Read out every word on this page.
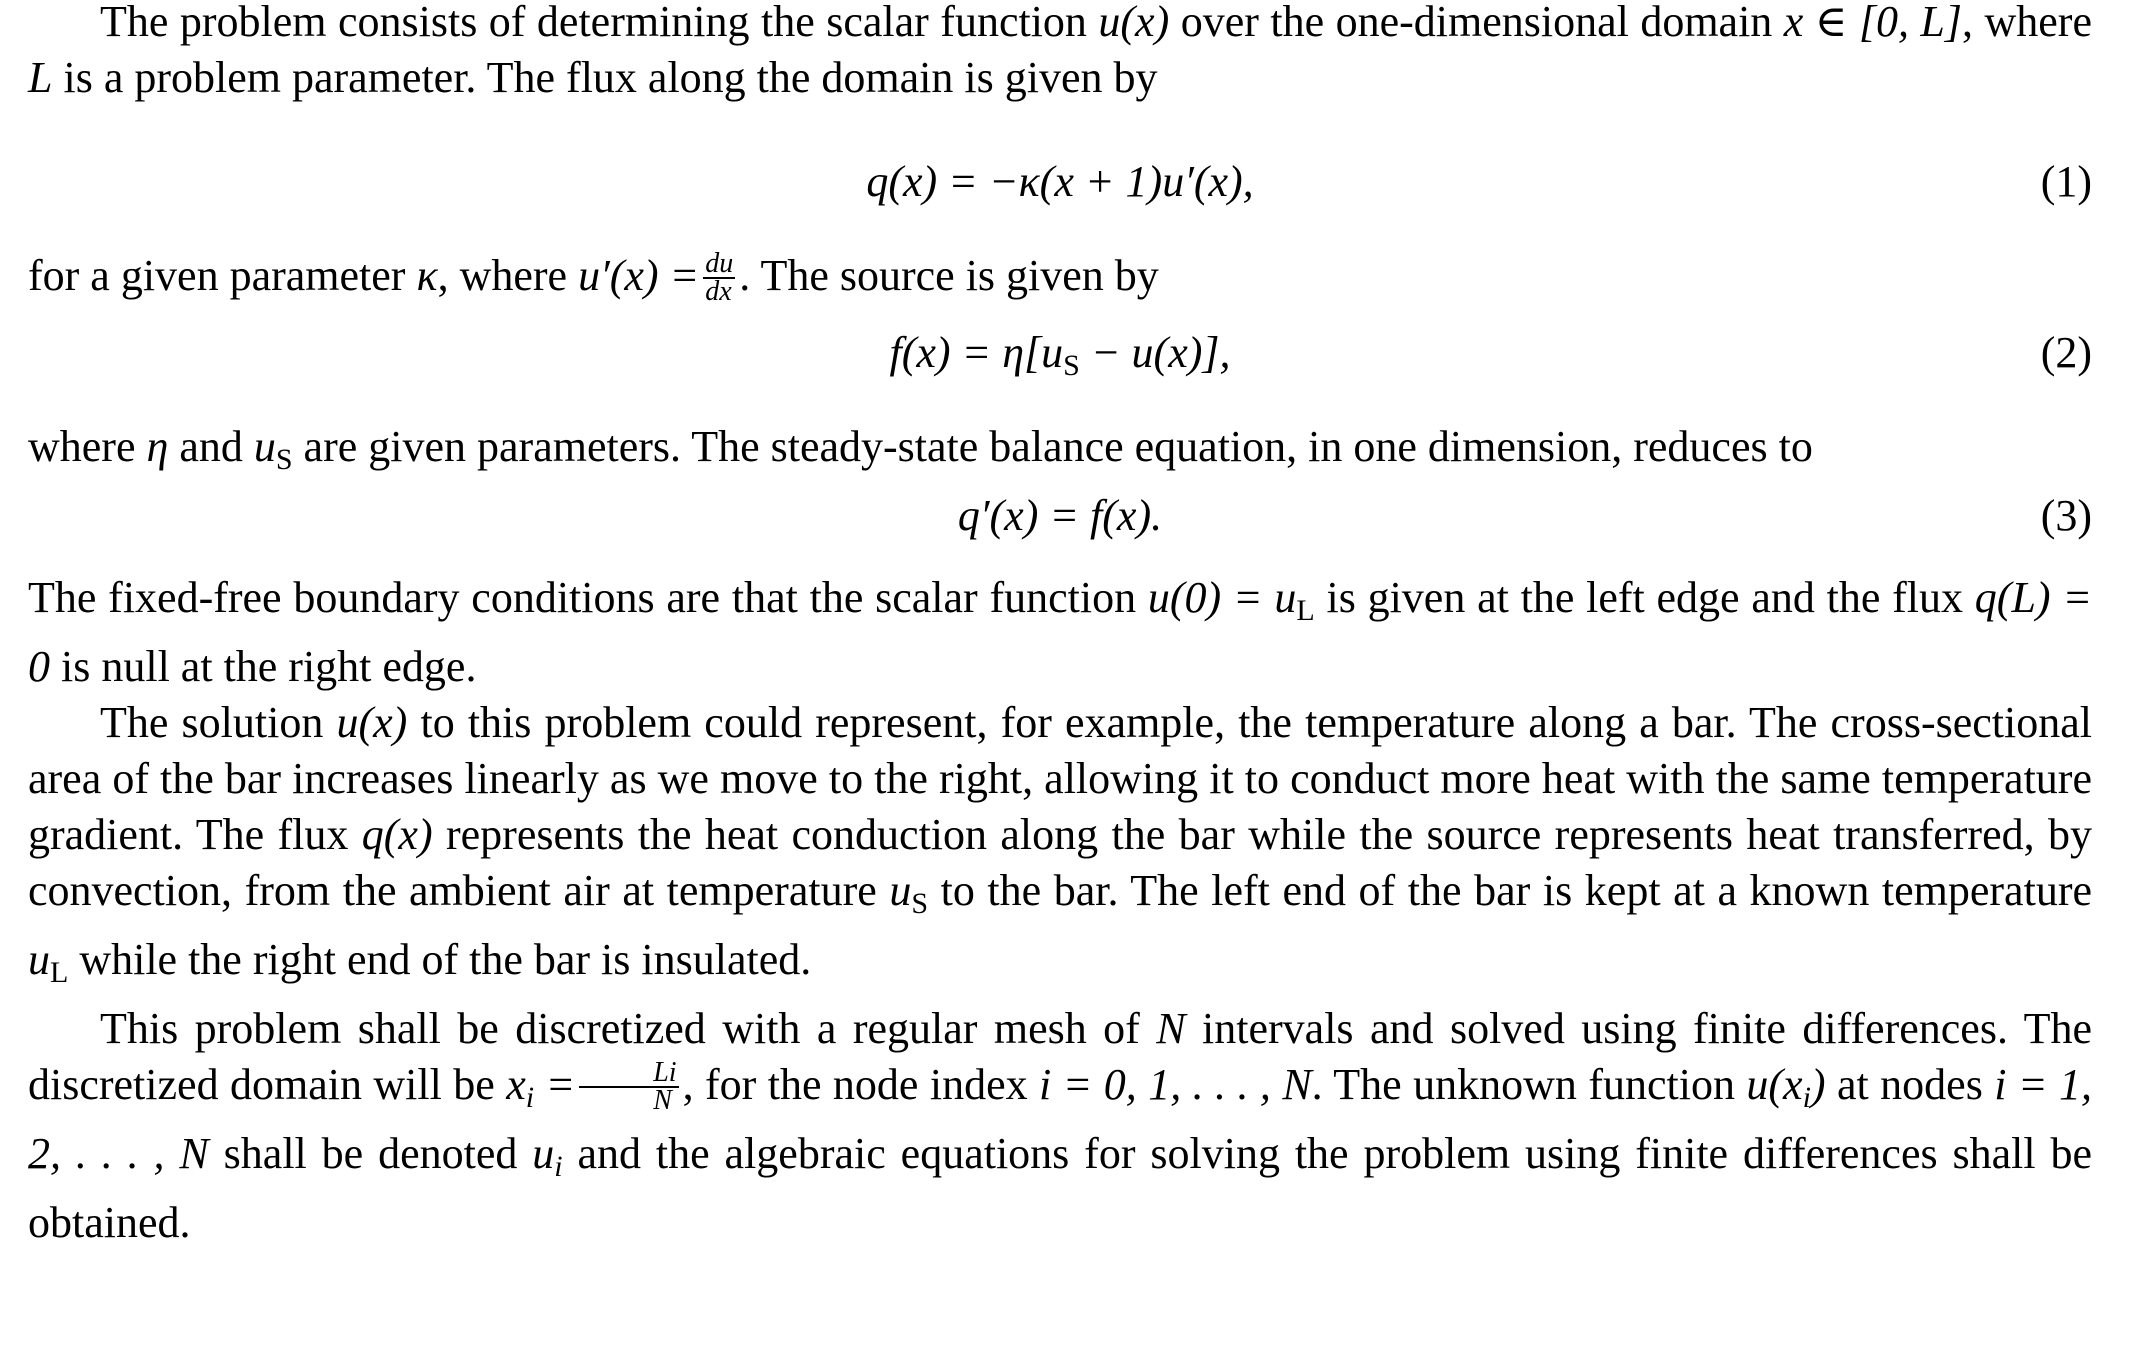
The problem consists of determining the scalar function u(x) over the one-dimensional domain x ∈ [0, L], where L is a problem parameter. The flux along the domain is given by

q(x) = −κ(x + 1)u′(x),	(1)

for a given parameter κ, where $u'(x) = \frac{du}{dx}$ . The source is given by

$f(x) = \eta[u_S - u(x)]$,	(2)

where η and $u_S$ are given parameters. The steady-state balance equation, in one dimension, reduces to

q′(x) = f(x).	(3)

The fixed-free boundary conditions are that the scalar function $u(0) = u_L$ is given at the left edge and the flux q(L) = 0 is null at the right edge.

The solution u(x) to this problem could represent, for example, the temperature along a bar. The cross-sectional area of the bar increases linearly as we move to the right, allowing it to conduct more heat with the same temperature gradient. The flux q(x) represents the heat conduction along the bar while the source represents heat transferred, by convection, from the ambient air at temperature $u_S$ to the bar. The left end of the bar is kept at a known temperature $u_L$ while the right end of the bar is insulated.

This problem shall be discretized with a regular mesh of N intervals and solved using finite differences. The discretized domain will be xi = $\frac{Li}{N}$ , for the node index i = 0, 1, . . . , N. The unknown function u(xi) at nodes i = 1, 2, . . . , N shall be denoted ui and the algebraic equations for solving the problem using finite differences shall be obtained.
